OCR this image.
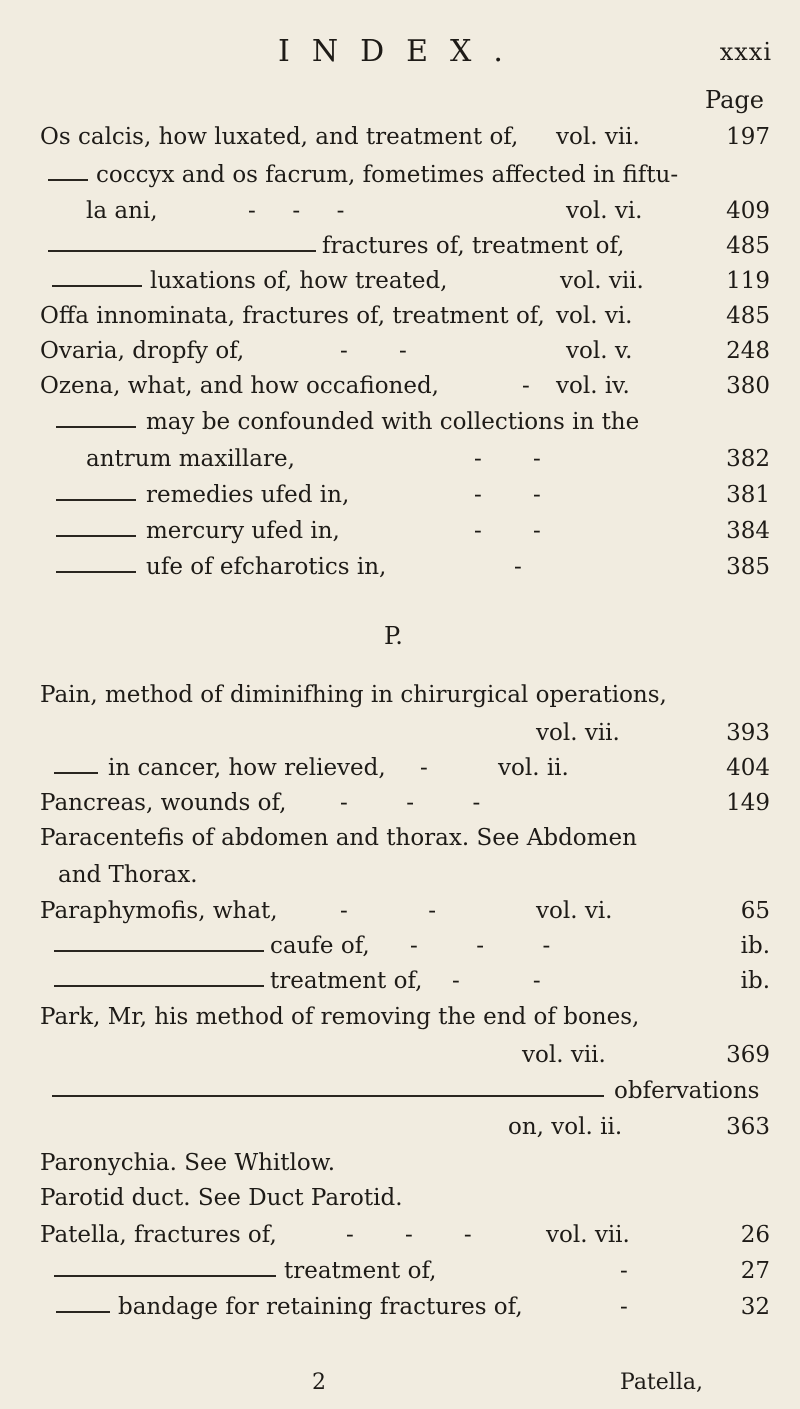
INDEX.	xxxi
Page
Os calcis, how luxated, and treatment of, vol. vii.	197
coccyx and os facrum, fometimes affected in fiftu-
la ani,	-     -     -	vol. vi.	409
fractures of, treatment of,	485
luxations of, how treated,	vol. vii.	119
Offa innominata, fractures of, treatment of, vol. vi.	485
Ovaria, dropfy of,	-       -	vol. v.	248
Ozena, what, and how occafioned,	- vol. iv.	380
may be confounded with collections in the
antrum maxillare,	-       -	382
remedies ufed in,	-       -	381
mercury ufed in,	-       -	384
ufe of efcharotics in,	-	385
P.
Pain, method of diminifhing in chirurgical operations,
vol. vii.	393
in cancer, how relieved, -	vol. ii.	404
Pancreas, wounds of, -        -        -	149
Paracentefis of abdomen and thorax. See Abdomen
and Thorax.
Paraphymofis, what,	-           -	vol. vi.	65
caufe of, -        -        -	ib.
treatment of, -          -	ib.
Park, Mr, his method of removing the end of bones,
vol. vii.	369
obfervations
on, vol. ii.	363
Paronychia. See Whitlow.
Parotid duct. See Duct Parotid.
Patella, fractures of,	-       -       -	vol. vii.	26
treatment of,	-	27
bandage for retaining fractures of,	-	32
2	Patella,
